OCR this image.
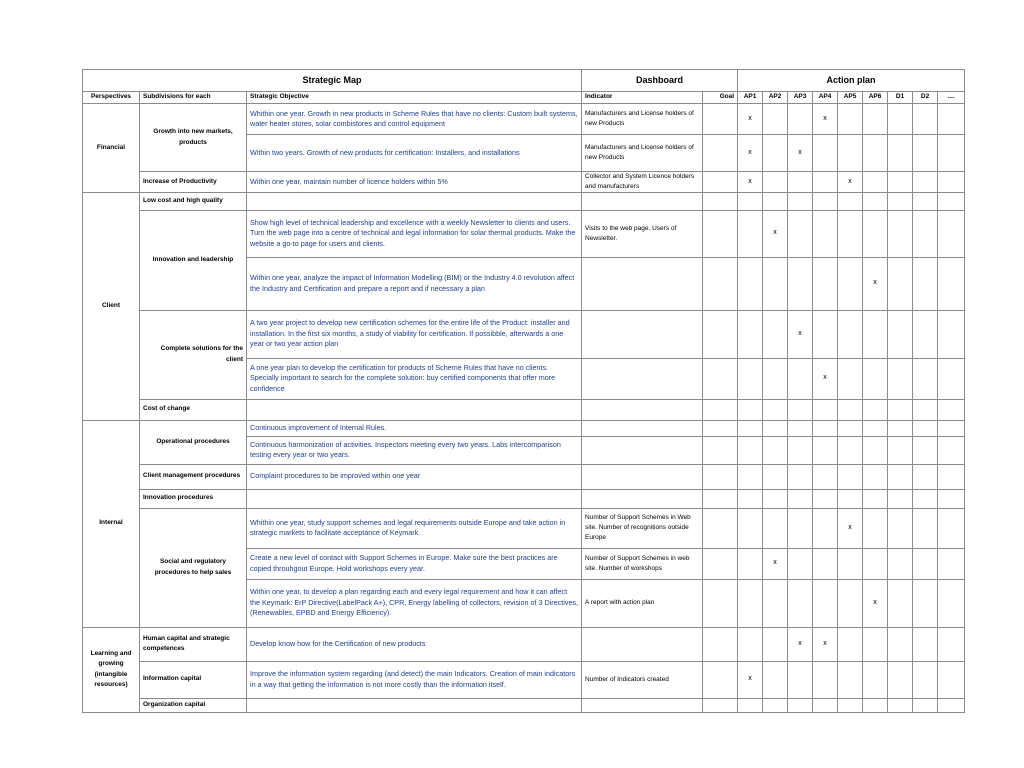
Strategic Map			Dashboard		Action plan								
Perspectives	Subdivisions for each	Strategic Objective	Indicator	Goal	AP1	AP2	AP3	AP4	AP5	AP6	D1	D2	....
Financial	Growth into new markets, products	Whithin one year. Growth in new products in Scheme Rules that have no clients: Custom built systems, water heater stores, solar combistores and control equipment	Manufacturers and License holders of new Products		x			x					
		Within two years. Growth of new products for certification: Installers, and installations	Manufacturers and License holders of new Products		x		x						
	Increase of Productivity	Within one year, maintain number of licence holders within 5%	Collector and System Licence holders and manufacturers		x				x				
Client	Low cost and high quality												
	Innovation and leadership	Show high level of technical leadership and excellence with a weekly Newsletter to clients and users. Turn the web page into a centre of technical and legal information for solar thermal products. Make the website a go-to page for users and clients.	Visits to the web page. Users of Newsletter.			x							
		Within one year, analyze the impact of Information Modelling (BIM) or the Industry 4.0 revolution affect the Industry and Certification and prepare a report and if necessary a plan								x			
	Complete solutions for the client	A two year project to develop new certification schemes for the entire life of the Product: installer and installation. In the first six months, a study of viability for certification. If possibble, afterwards a one year or two year action plan					x						
		A one year plan to develop the certification for products of Scheme Rules that have no clients. Specially important to search for the complete solution: buy certified components that offer more confidence						x					
	Cost of change												
Internal	Operational procedures	Continuous improvement of Internal Rules.											
		Continuous harmonization of activities. Inspectors meeting every two years. Labs intercomparison testing every year or two years.											
	Client management procedures	Complaint procedures to be improved within one year											
	Innovation procedures												
	Social and regulatory procedures to help sales	Whithin one year, study support schemes and legal requirements outside Europe and take action in strategic markets to facilitate acceptance of Keymark.	Number of Support Schemes in Web site. Number of recognitions outside Europe						x				
		Create a new level of contact with Support Schemes in Europe. Make sure the best practices are copied throuhgout Europe. Hold workshops every year.	Number of Support Schemes in web site. Number of workshops			x							
		Within one year, to develop a plan regarding each and every legal requirement and how it can affect the Keymark: ErP Directive(LabelPack A+), CPR, Energy labelling of collectors, revision of 3 Directives, (Renewables, EPBD and Energy Efficiency).	A report with action plan							x			
Learning and growing (intangible resources)	Human capital and strategic competences	Develop know how for the Certification of new products					x	x					
	Information capital	Improve the information system regarding (and detect) the main Indicators. Creation of main indicators in a way that getting the information is not more costly than the information itself.	Number of Indicators created		x								
	Organization capital												
